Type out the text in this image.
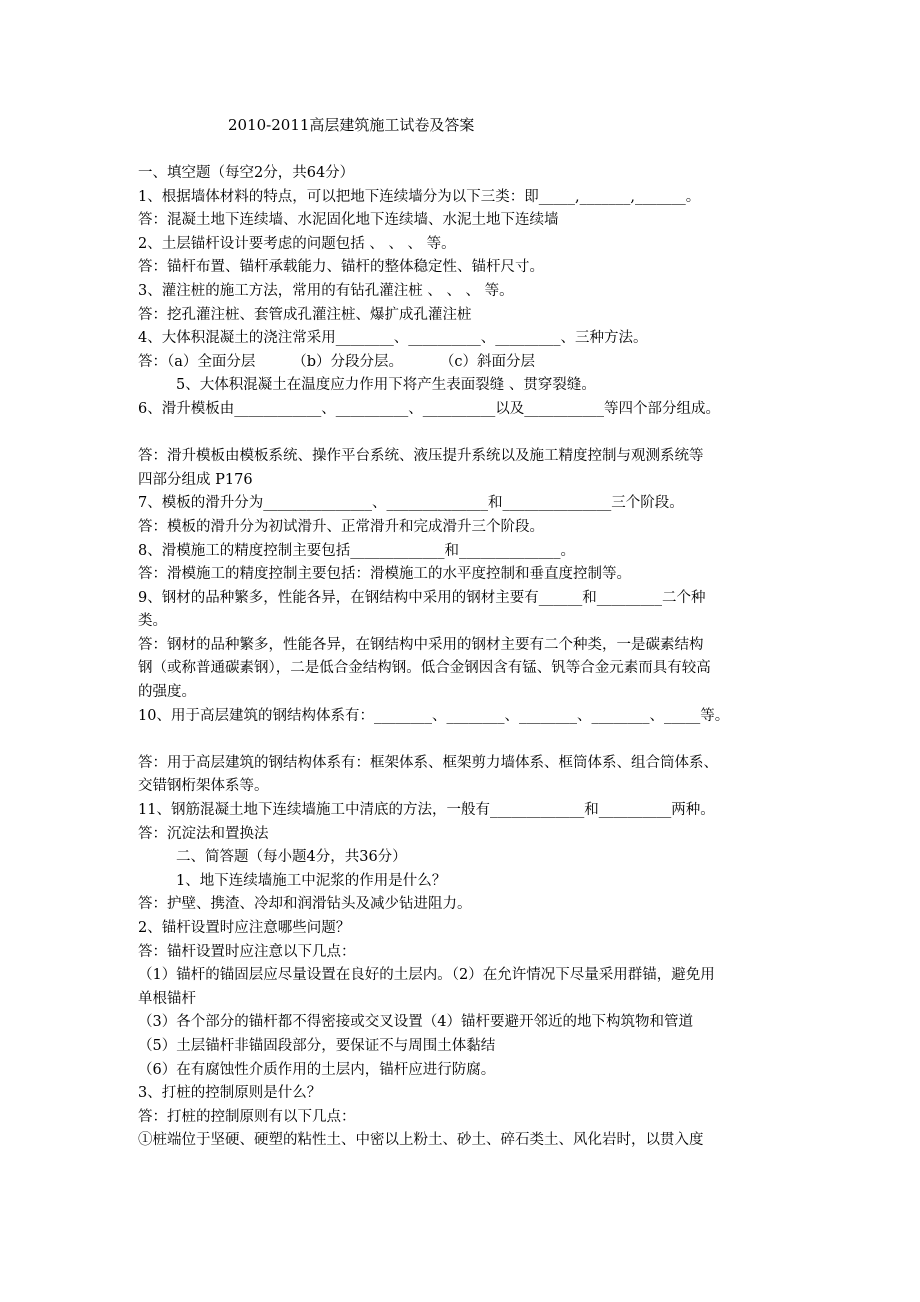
2010-2011高层建筑施工试卷及答案
一、填空题（每空2分，共64分）
1、根据墙体材料的特点，可以把地下连续墙分为以下三类：即_____,_______,_______。
答：混凝土地下连续墙、水泥固化地下连续墙、水泥土地下连续墙
2、土层锚杆设计要考虑的问题包括 、 、 、 等。
答：锚杆布置、锚杆承载能力、锚杆的整体稳定性、锚杆尺寸。
3、灌注桩的施工方法，常用的有钻孔灌注桩 、 、 、 等。
答：挖孔灌注桩、套管成孔灌注桩、爆扩成孔灌注桩
4、大体积混凝土的浇注常采用________、__________、_________、三种方法。
答：（a）全面分层        （b）分段分层。        （c）斜面分层
5、大体积混凝土在温度应力作用下将产生表面裂缝 、贯穿裂缝。
6、滑升模板由____________、__________、__________以及___________等四个部分组成。
答：滑升模板由模板系统、操作平台系统、液压提升系统以及施工精度控制与观测系统等
四部分组成 P176
7、模板的滑升分为_______________、______________和_______________三个阶段。
答：模板的滑升分为初试滑升、正常滑升和完成滑升三个阶段。
8、滑模施工的精度控制主要包括_____________和______________。
答：滑模施工的精度控制主要包括：滑模施工的水平度控制和垂直度控制等。
9、钢材的品种繁多，性能各异，在钢结构中采用的钢材主要有______和_________二个种
类。
答：钢材的品种繁多，性能各异，在钢结构中采用的钢材主要有二个种类，一是碳素结构
钢（或称普通碳素钢），二是低合金结构钢。低合金钢因含有锰、钒等合金元素而具有较高
的强度。
10、用于高层建筑的钢结构体系有：________、________、________、________、_____等。
答：用于高层建筑的钢结构体系有：框架体系、框架剪力墙体系、框筒体系、组合筒体系、
交错钢桁架体系等。
11、钢筋混凝土地下连续墙施工中清底的方法，一般有_____________和__________两种。
答：沉淀法和置换法
二、简答题（每小题4分，共36分）
1、地下连续墙施工中泥浆的作用是什么？
答：护壁、携渣、冷却和润滑钻头及减少钻进阻力。
2、锚杆设置时应注意哪些问题？
答：锚杆设置时应注意以下几点：
（1）锚杆的锚固层应尽量设置在良好的土层内。（2）在允许情况下尽量采用群锚，避免用
单根锚杆
（3）各个部分的锚杆都不得密接或交叉设置（4）锚杆要避开邻近的地下构筑物和管道
（5）土层锚杆非锚固段部分，要保证不与周围土体黏结
（6）在有腐蚀性介质作用的土层内，锚杆应进行防腐。
3、打桩的控制原则是什么？
答：打桩的控制原则有以下几点：
①桩端位于坚硬、硬塑的粘性土、中密以上粉土、砂土、碎石类土、风化岩时，以贯入度
